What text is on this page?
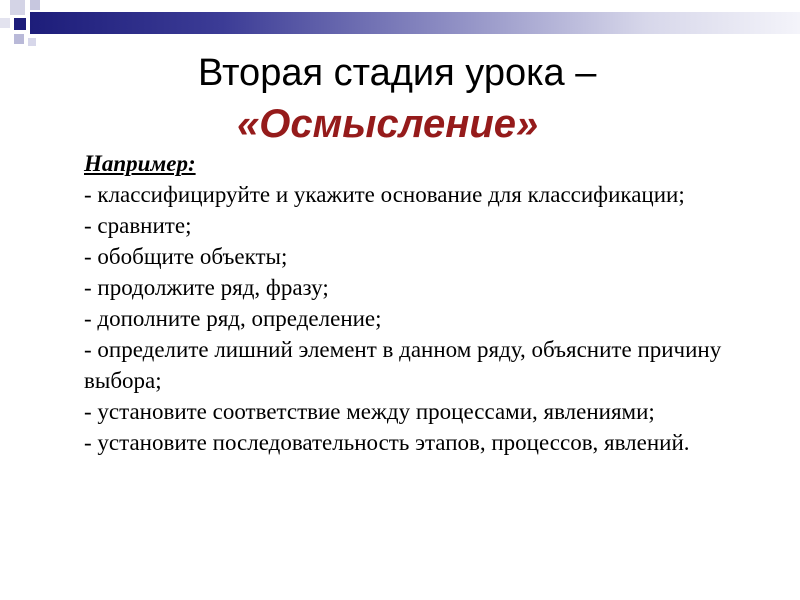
Вторая стадия урока –
«Осмысление»
Например:
- классифицируйте и укажите основание для классификации;
- сравните;
- обобщите объекты;
- продолжите ряд, фразу;
- дополните ряд, определение;
- определите лишний элемент в данном ряду, объясните причину выбора;
- установите соответствие между процессами, явлениями;
- установите последовательность этапов, процессов, явлений.
